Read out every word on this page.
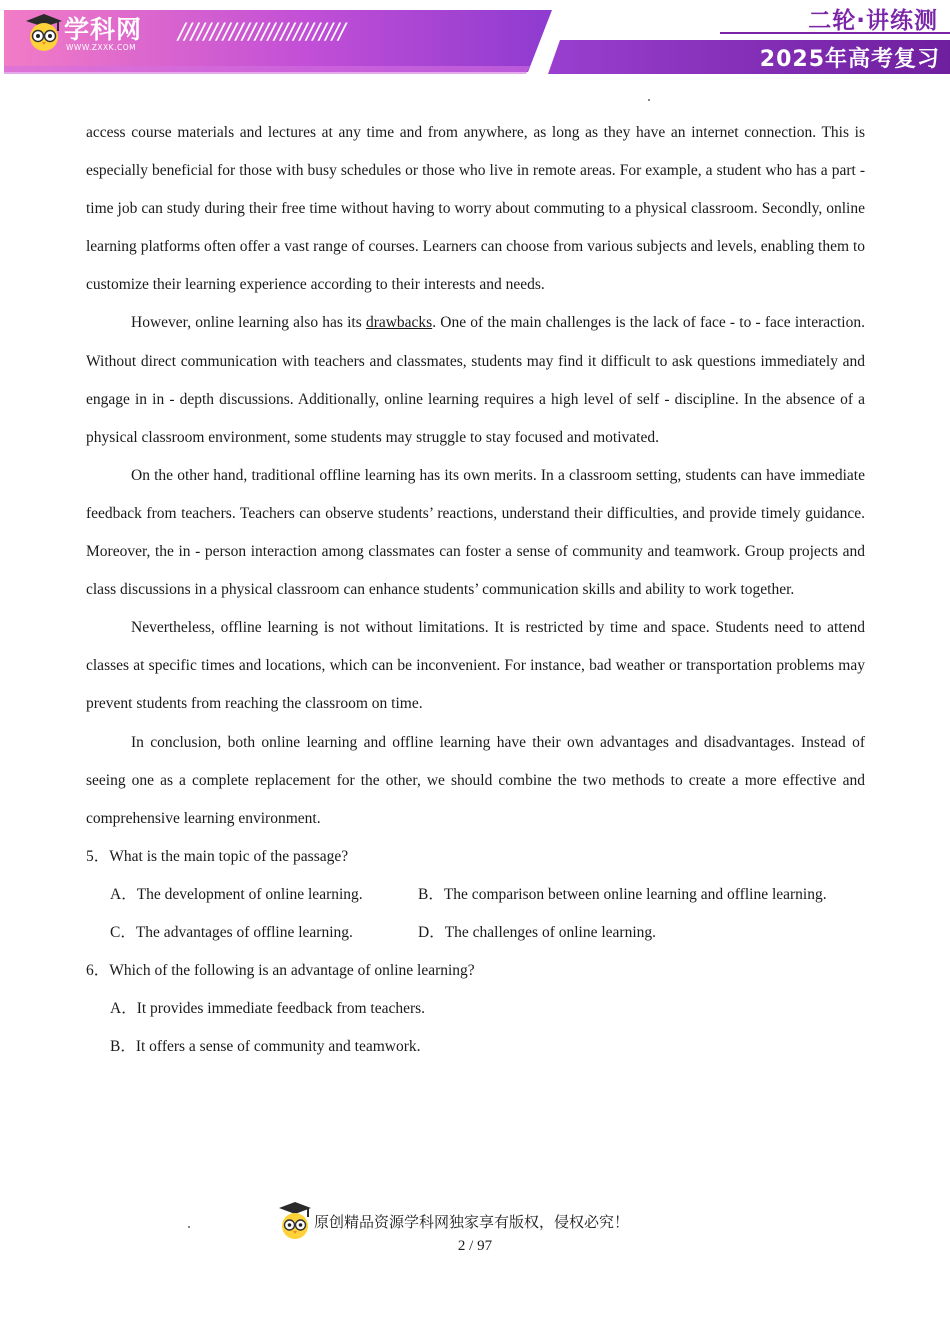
学科网
WWW.ZXXK.COM
//////////////////////////	二轮·讲练测
2025年高考复习

access course materials and lectures at any time and from anywhere, as long as they have an internet connection. This is especially beneficial for those with busy schedules or those who live in remote areas. For example, a student who has a part - time job can study during their free time without having to worry about commuting to a physical classroom. Secondly, online learning platforms often offer a vast range of courses. Learners can choose from various subjects and levels, enabling them to customize their learning experience according to their interests and needs.

However, online learning also has its drawbacks. One of the main challenges is the lack of face - to - face interaction. Without direct communication with teachers and classmates, students may find it difficult to ask questions immediately and engage in in - depth discussions. Additionally, online learning requires a high level of self - discipline. In the absence of a physical classroom environment, some students may struggle to stay focused and motivated.

On the other hand, traditional offline learning has its own merits. In a classroom setting, students can have immediate feedback from teachers. Teachers can observe students’ reactions, understand their difficulties, and provide timely guidance. Moreover, the in - person interaction among classmates can foster a sense of community and teamwork. Group projects and class discussions in a physical classroom can enhance students’ communication skills and ability to work together.

Nevertheless, offline learning is not without limitations. It is restricted by time and space. Students need to attend classes at specific times and locations, which can be inconvenient. For instance, bad weather or transportation problems may prevent students from reaching the classroom on time.

In conclusion, both online learning and offline learning have their own advantages and disadvantages. Instead of seeing one as a complete replacement for the other, we should combine the two methods to create a more effective and comprehensive learning environment.

5．What is the main topic of the passage?

A．The development of online learning.	B．The comparison between online learning and offline learning.

C．The advantages of offline learning.	D．The challenges of online learning.

6．Which of the following is an advantage of online learning?

A．It provides immediate feedback from teachers.

B．It offers a sense of community and teamwork.

原创精品资源学科网独家享有版权，侵权必究！
2 / 97
